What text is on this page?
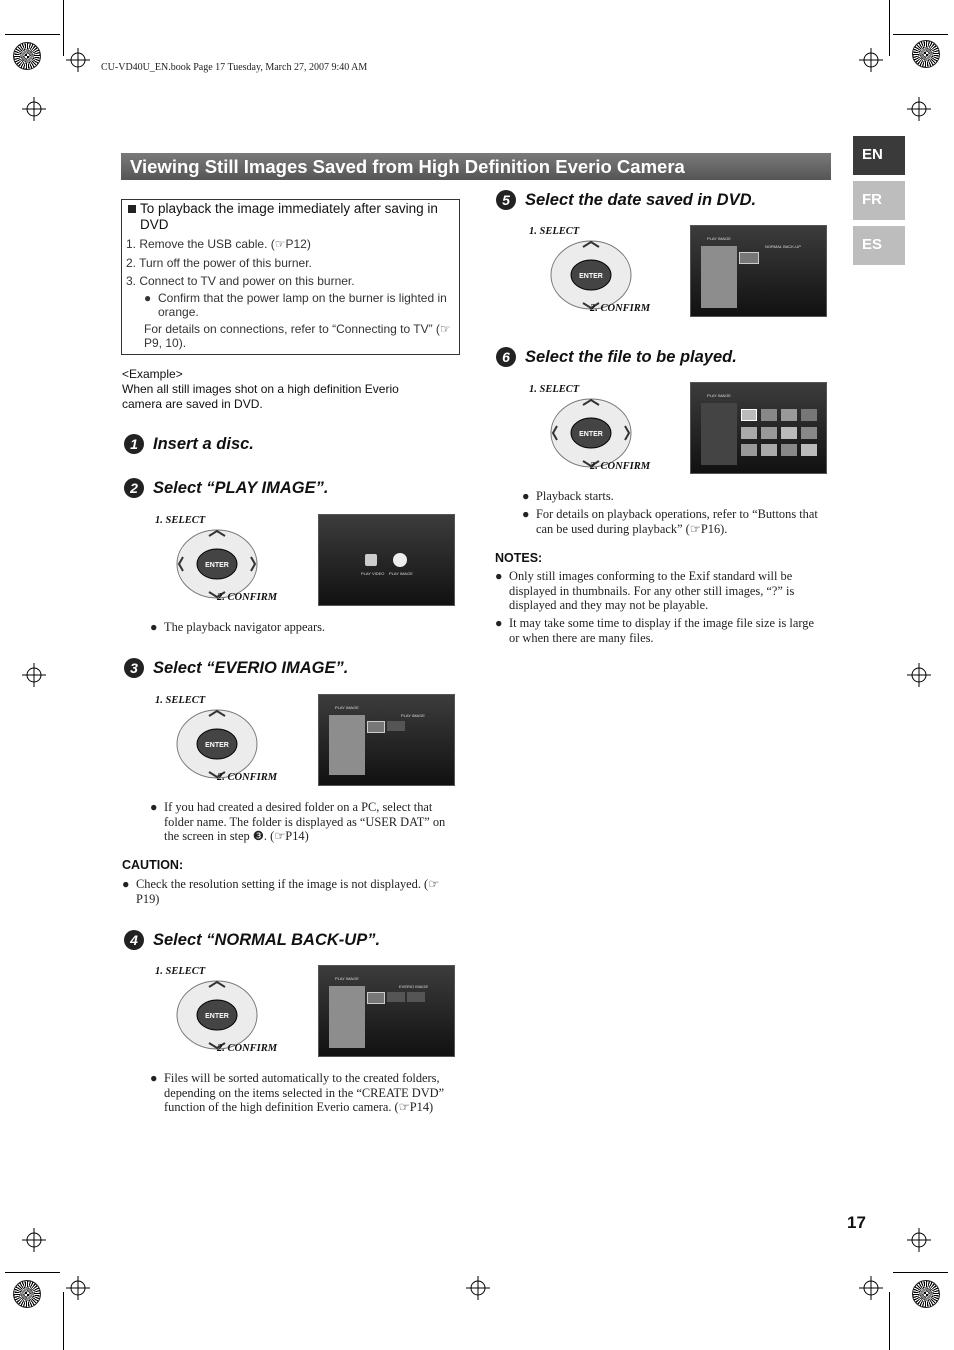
CU-VD40U_EN.book Page 17 Tuesday, March 27, 2007 9:40 AM
Viewing Still Images Saved from High Definition Everio Camera
EN
FR
ES
To playback the image immediately after saving in DVD
1. Remove the USB cable. (☞P12)
2. Turn off the power of this burner.
3. Connect to TV and power on this burner.
● Confirm that the power lamp on the burner is lighted in orange.
For details on connections, refer to “Connecting to TV” (☞P9, 10).
<Example>
When all still images shot on a high definition Everio camera are saved in DVD.
1 Insert a disc.
2 Select “PLAY IMAGE”.
1. SELECT
ENTER
2. CONFIRM
PLAY VIDEO PLAY IMAGE
● The playback navigator appears.
3 Select “EVERIO IMAGE”.
1. SELECT
ENTER
2. CONFIRM
PLAY IMAGE
PLAY IMAGE
● If you had created a desired folder on a PC, select that folder name. The folder is displayed as “USER DAT” on the screen in step ❸. (☞P14)
CAUTION:
● Check the resolution setting if the image is not displayed. (☞P19)
4 Select “NORMAL BACK-UP”.
1. SELECT
ENTER
2. CONFIRM
PLAY IMAGE
EVERIO IMAGE
● Files will be sorted automatically to the created folders, depending on the items selected in the “CREATE DVD” function of the high definition Everio camera. (☞P14)
5 Select the date saved in DVD.
1. SELECT
ENTER
2. CONFIRM
PLAY IMAGE
NORMAL BACK-UP
6 Select the file to be played.
1. SELECT
ENTER
2. CONFIRM
PLAY IMAGE
● Playback starts.
● For details on playback operations, refer to “Buttons that can be used during playback” (☞P16).
NOTES:
● Only still images conforming to the Exif standard will be displayed in thumbnails. For any other still images, “?” is displayed and they may not be playable.
● It may take some time to display if the image file size is large or when there are many files.
17
